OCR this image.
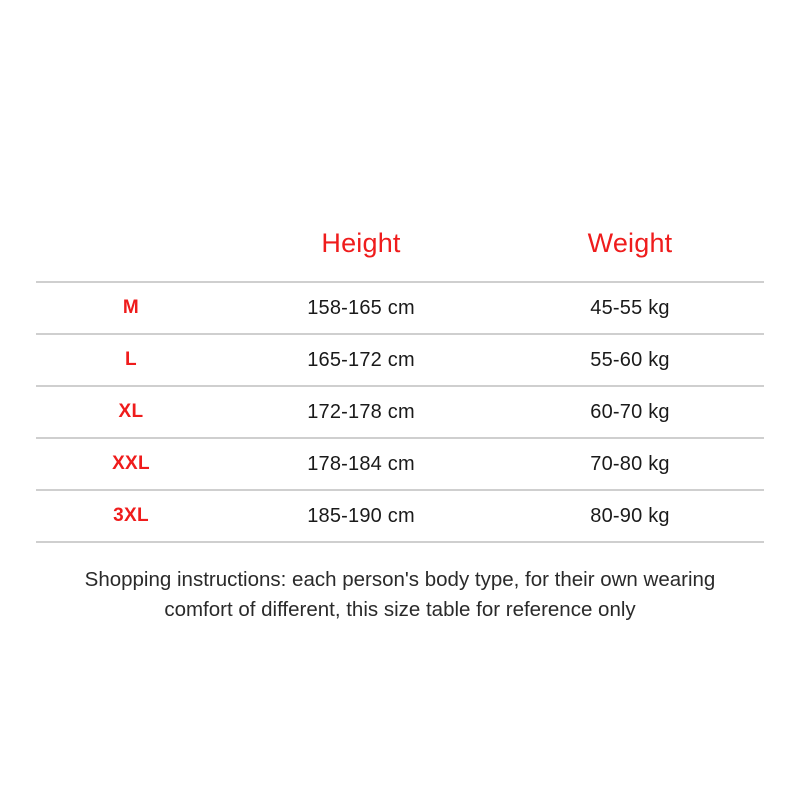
	Height	Weight
M	158-165 cm	45-55 kg
L	165-172 cm	55-60 kg
XL	172-178 cm	60-70 kg
XXL	178-184 cm	70-80 kg
3XL	185-190 cm	80-90 kg
Shopping instructions: each person's body type, for their own wearing
comfort of different, this size table for reference only
